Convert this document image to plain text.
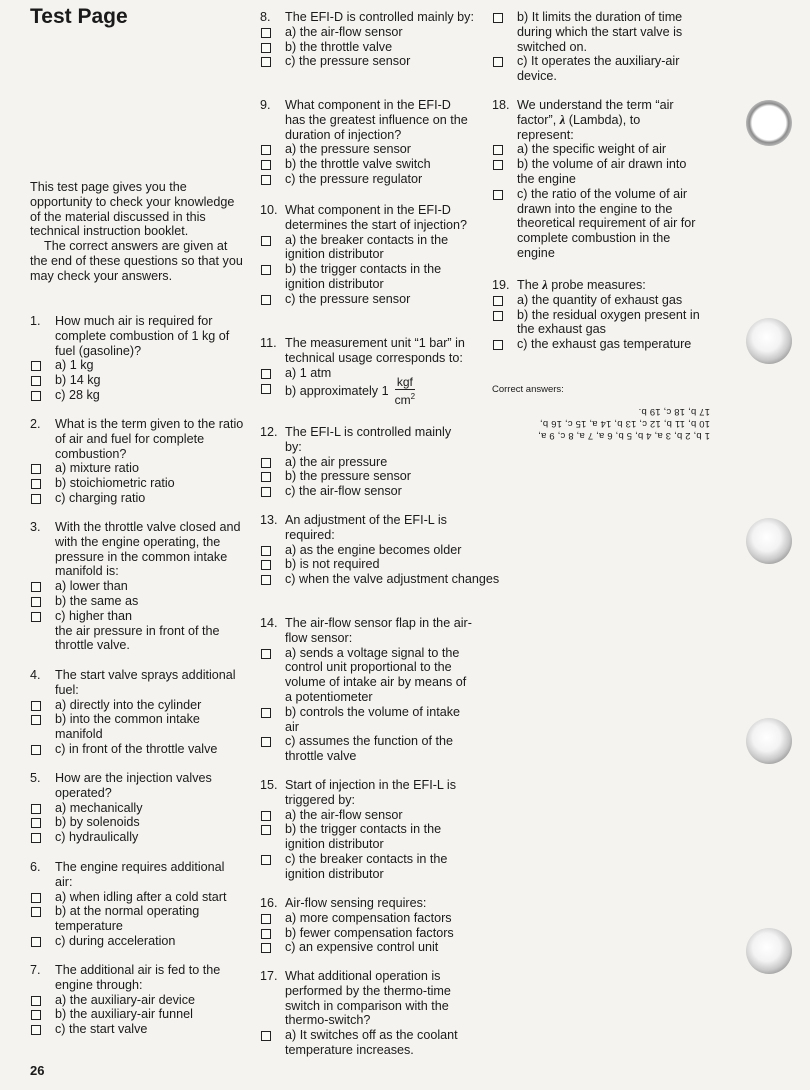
Test Page

This test page gives you the opportunity to check your knowledge of the material discussed in this technical instruction booklet.

The correct answers are given at the end of these questions so that you may check your answers.

1. How much air is required for complete combustion of 1 kg of fuel (gasoline)?
a) 1 kg
b) 14 kg
c) 28 kg
2. What is the term given to the ratio of air and fuel for complete combustion?
a) mixture ratio
b) stoichiometric ratio
c) charging ratio
3. With the throttle valve closed and with the engine operating, the pressure in the common intake manifold is:
a) lower than
b) the same as
c) higher than
the air pressure in front of the throttle valve.
4. The start valve sprays additional fuel:
a) directly into the cylinder
b) into the common intake manifold
c) in front of the throttle valve
5. How are the injection valves operated?
a) mechanically
b) by solenoids
c) hydraulically
6. The engine requires additional air:
a) when idling after a cold start
b) at the normal operating temperature
c) during acceleration
7. The additional air is fed to the engine through:
a) the auxiliary-air device
b) the auxiliary-air funnel
c) the start valve
8. The EFI-D is controlled mainly by:
a) the air-flow sensor
b) the throttle valve
c) the pressure sensor
9. What component in the EFI-D has the greatest influence on the duration of injection?
a) the pressure sensor
b) the throttle valve switch
c) the pressure regulator
10. What component in the EFI-D determines the start of injection?
a) the breaker contacts in the ignition distributor
b) the trigger contacts in the ignition distributor
c) the pressure sensor
11. The measurement unit “1 bar” in technical usage corresponds to:
a) 1 atm
b) approximately $1 \frac{\text{kgf}}{cm^2}$
12. The EFI-L is controlled mainly by:
a) the air pressure
b) the pressure sensor
c) the air-flow sensor
13. An adjustment of the EFI-L is required:
a) as the engine becomes older
b) is not required
c) when the valve adjustment changes
14. The air-flow sensor flap in the air-flow sensor:
a) sends a voltage signal to the control unit proportional to the volume of intake air by means of a potentiometer
b) controls the volume of intake air
c) assumes the function of the throttle valve
15. Start of injection in the EFI-L is triggered by:
a) the air-flow sensor
b) the trigger contacts in the ignition distributor
c) the breaker contacts in the ignition distributor
16. Air-flow sensing requires:
a) more compensation factors
b) fewer compensation factors
c) an expensive control unit
17. What additional operation is performed by the thermo-time switch in comparison with the thermo-switch?
a) It switches off as the coolant temperature increases.
b) It limits the duration of time during which the start valve is switched on.
c) It operates the auxiliary-air device.
18. We understand the term “air factor”, λ (Lambda), to represent:
a) the specific weight of air
b) the volume of air drawn into the engine
c) the ratio of the volume of air drawn into the engine to the theoretical requirement of air for complete combustion in the engine
19. The λ probe measures:
a) the quantity of exhaust gas
b) the residual oxygen present in the exhaust gas
c) the exhaust gas temperature
Correct answers:
1 b, 2 b, 3 a, 4 b, 5 b, 6 a, 7 a, 8 c, 9 a,
10 b, 11 b, 12 c, 13 b, 14 a, 15 c, 16 b,
17 b, 18 c, 19 b.
26
